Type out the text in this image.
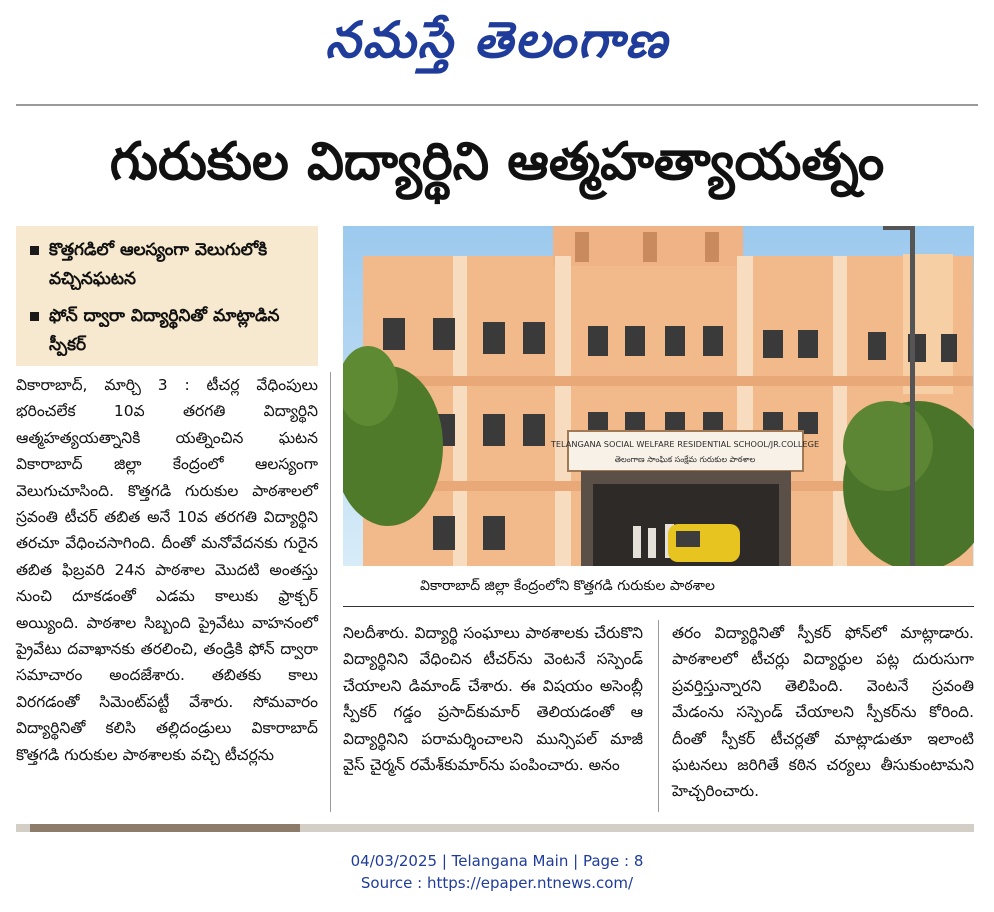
నమస్తే తెలంగాణ
గురుకుల విద్యార్థిని ఆత్మహత్యాయత్నం
కొత్తగడిలో ఆలస్యంగా వెలుగులోకి వచ్చినఘటన
ఫోన్ ద్వారా విద్యార్థినితో మాట్లాడిన స్పీకర్
TELANGANA SOCIAL WELFARE RESIDENTIAL SCHOOL/JR.COLLEGE
తెలంగాణ సాంఘిక సంక్షేమ గురుకుల పాఠశాల
వికారాబాద్ జిల్లా కేంద్రంలోని కొత్తగడి గురుకుల పాఠశాల

వికారాబాద్, మార్చి 3 : టీచర్ల వేధింపులు భరించలేక 10వ తరగతి విద్యార్థిని ఆత్మహత్యయత్నానికి యత్నించిన ఘటన వికారాబాద్ జిల్లా కేంద్రంలో ఆలస్యంగా వెలుగుచూసింది. కొత్తగడి గురుకుల పాఠశాలలో స్రవంతి టీచర్ తబిత అనే 10వ తరగతి విద్యార్థిని తరచూ వేధించసాగింది. దీంతో మనోవేదనకు గురైన తబిత ఫిబ్రవరి 24న పాఠశాల మొదటి అంతస్తు నుంచి దూకడంతో ఎడమ కాలుకు ఫ్రాక్చర్ అయ్యింది. పాఠశాల సిబ్బంది ప్రైవేటు వాహనంలో ప్రైవేటు దవాఖానకు తరలించి, తండ్రికి ఫోన్ ద్వారా సమాచారం అందజేశారు. తబితకు కాలు విరగడంతో సిమెంట్‌పట్టీ వేశారు. సోమవారం విద్యార్థినితో కలిసి తల్లిదండ్రులు వికారాబాద్ కొత్తగడి గురుకుల పాఠశాలకు వచ్చి టీచర్లను

నిలదీశారు. విద్యార్థి సంఘాలు పాఠశాలకు చేరుకొని విద్యార్థినిని వేధించిన టీచర్‌ను వెంటనే సస్పెండ్ చేయాలని డిమాండ్ చేశారు. ఈ విషయం అసెంబ్లీ స్పీకర్ గడ్డం ప్రసాద్‌కుమార్ తెలియడంతో ఆ విద్యార్థినిని పరామర్శించాలని మున్సిపల్ మాజీ వైస్ చైర్మన్ రమేశ్‌కుమార్‌ను పంపించారు. అనం

తరం విద్యార్థినితో స్పీకర్ ఫోన్‌లో మాట్లాడారు. పాఠశాలలో టీచర్లు విద్యార్థుల పట్ల దురుసుగా ప్రవర్తిస్తున్నారని తెలిపింది. వెంటనే స్రవంతి మేడంను సస్పెండ్ చేయాలని స్పీకర్‌ను కోరింది. దీంతో స్పీకర్ టీచర్లతో మాట్లాడుతూ ఇలాంటి ఘటనలు జరిగితే కఠిన చర్యలు తీసుకుంటామని హెచ్చరించారు.

04/03/2025 | Telangana Main | Page : 8
Source : https://epaper.ntnews.com/
